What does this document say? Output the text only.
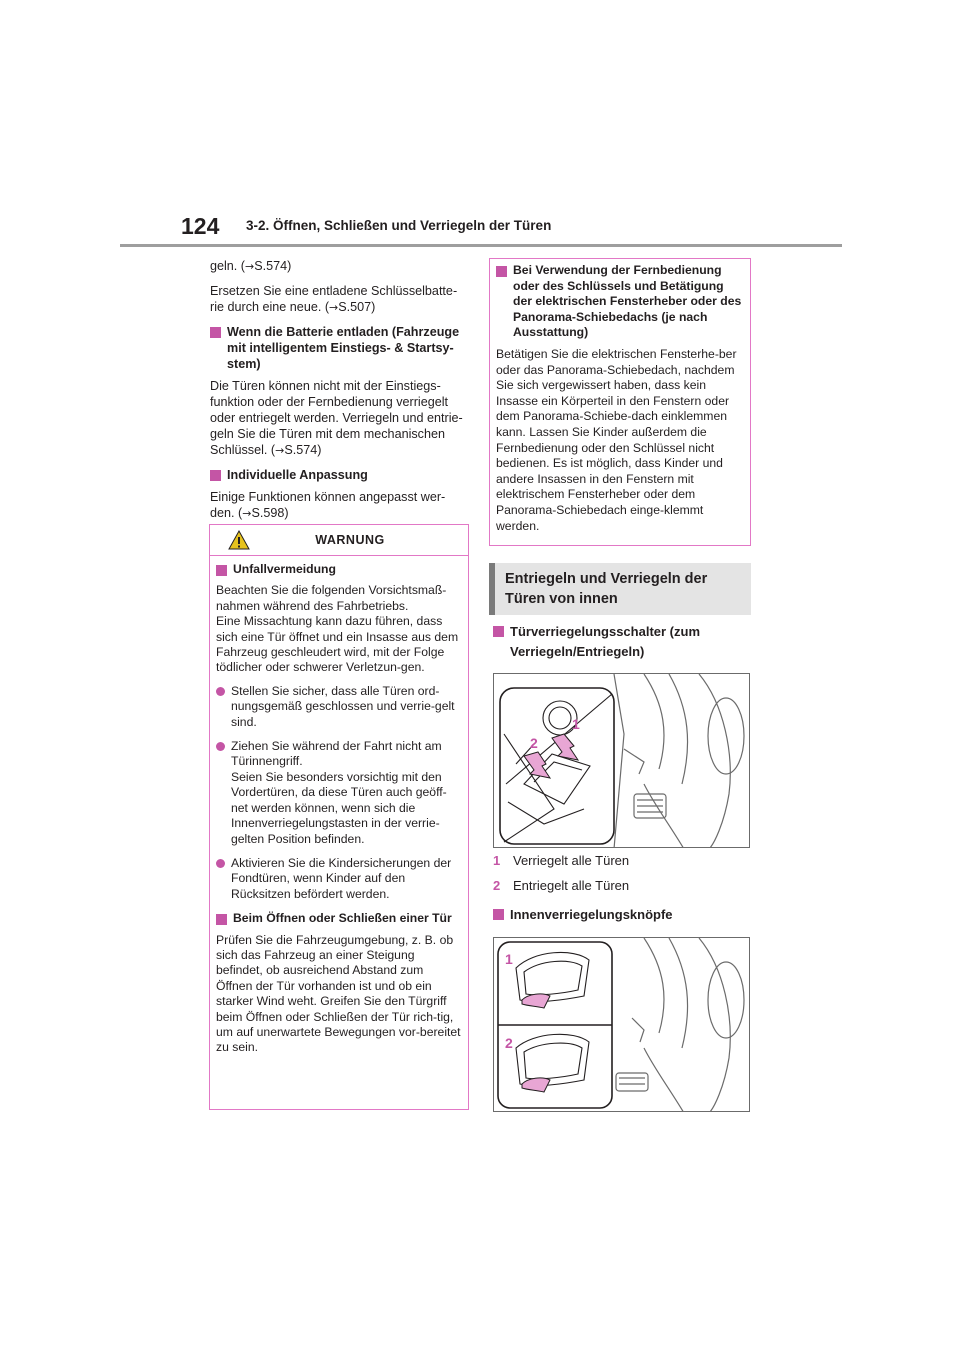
124 3-2. Öffnen, Schließen und Verriegeln der Türen

geln. (→S.574)

Ersetzen Sie eine entladene Schlüsselbatte-rie durch eine neue. (→S.507)

Wenn die Batterie entladen (Fahrzeuge mit intelligentem Einstiegs- & Startsy-stem)

Die Türen können nicht mit der Einstiegs-funktion oder der Fernbedienung verriegelt oder entriegelt werden. Verriegeln und entrie-geln Sie die Türen mit dem mechanischen Schlüssel. (→S.574)

Individuelle Anpassung

Einige Funktionen können angepasst wer-den. (→S.598)

WARNUNG
Unfallvermeidung

Beachten Sie die folgenden Vorsichtsmaß-nahmen während des Fahrbetriebs.

Eine Missachtung kann dazu führen, dass sich eine Tür öffnet und ein Insasse aus dem Fahrzeug geschleudert wird, mit der Folge tödlicher oder schwerer Verletzun-gen.

Stellen Sie sicher, dass alle Türen ord-nungsgemäß geschlossen und verrie-gelt sind.
Ziehen Sie während der Fahrt nicht am Türinnengriff.
Seien Sie besonders vorsichtig mit den Vordertüren, da diese Türen auch geöff-net werden können, wenn sich die Innenverriegelungstasten in der verrie-gelten Position befinden.
Aktivieren Sie die Kindersicherungen der Fondtüren, wenn Kinder auf den Rücksitzen befördert werden.
Beim Öffnen oder Schließen einer Tür

Prüfen Sie die Fahrzeugumgebung, z. B. ob sich das Fahrzeug an einer Steigung befindet, ob ausreichend Abstand zum Öffnen der Tür vorhanden ist und ob ein starker Wind weht. Greifen Sie den Türgriff beim Öffnen oder Schließen der Tür rich-tig, um auf unerwartete Bewegungen vor-bereitet zu sein.

Bei Verwendung der Fernbedienung oder des Schlüssels und Betätigung der elektrischen Fensterheber oder des Panorama-Schiebedachs (je nach Ausstattung)

Betätigen Sie die elektrischen Fensterhe-ber oder das Panorama-Schiebedach, nachdem Sie sich vergewissert haben, dass kein Insasse ein Körperteil in den Fenstern oder dem Panorama-Schiebe-dach einklemmen kann. Lassen Sie Kinder außerdem die Fernbedienung oder den Schlüssel nicht bedienen. Es ist möglich, dass Kinder und andere Insassen in den Fenstern mit elektrischem Fensterheber oder dem Panorama-Schiebedach einge-klemmt werden.

Entriegeln und Verriegeln der Türen von innen
Türverriegelungsschalter (zum Verriegeln/Entriegeln)
1
2
1 Verriegelt alle Türen
2 Entriegelt alle Türen
Innenverriegelungsknöpfe
1
2
